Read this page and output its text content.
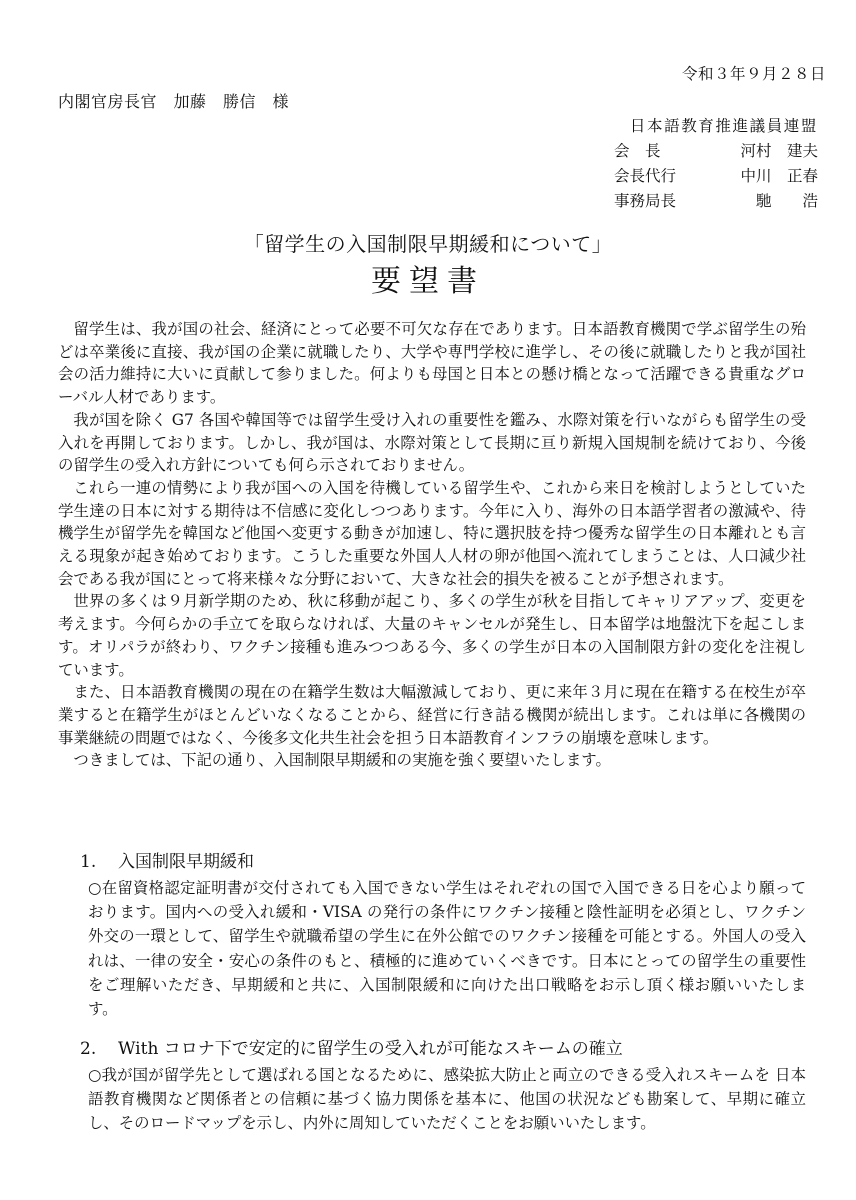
令和３年９月２８日
内閣官房長官　加藤　勝信　様
日本語教育推進議員連盟
会　長	河村　建夫
会長代行	中川　正春
事務局長	馳　　浩
「留学生の入国制限早期緩和について」
要望書

留学生は、我が国の社会、経済にとって必要不可欠な存在であります。日本語教育機関で学ぶ留学生の殆どは卒業後に直接、我が国の企業に就職したり、大学や専門学校に進学し、その後に就職したりと我が国社会の活力維持に大いに貢献して参りました。何よりも母国と日本との懸け橋となって活躍できる貴重なグローバル人材であります。

我が国を除く G7 各国や韓国等では留学生受け入れの重要性を鑑み、水際対策を行いながらも留学生の受入れを再開しております。しかし、我が国は、水際対策として長期に亘り新規入国規制を続けており、今後の留学生の受入れ方針についても何ら示されておりません。

これら一連の情勢により我が国への入国を待機している留学生や、これから来日を検討しようとしていた学生達の日本に対する期待は不信感に変化しつつあります。今年に入り、海外の日本語学習者の激減や、待機学生が留学先を韓国など他国へ変更する動きが加速し、特に選択肢を持つ優秀な留学生の日本離れとも言える現象が起き始めております。こうした重要な外国人人材の卵が他国へ流れてしまうことは、人口減少社会である我が国にとって将来様々な分野において、大きな社会的損失を被ることが予想されます。

世界の多くは９月新学期のため、秋に移動が起こり、多くの学生が秋を目指してキャリアアップ、変更を考えます。今何らかの手立てを取らなければ、大量のキャンセルが発生し、日本留学は地盤沈下を起こします。オリパラが終わり、ワクチン接種も進みつつある今、多くの学生が日本の入国制限方針の変化を注視しています。

また、日本語教育機関の現在の在籍学生数は大幅激減しており、更に来年３月に現在在籍する在校生が卒業すると在籍学生がほとんどいなくなることから、経営に行き詰る機関が続出します。これは単に各機関の事業継続の問題ではなく、今後多文化共生社会を担う日本語教育インフラの崩壊を意味します。

つきましては、下記の通り、入国制限早期緩和の実施を強く要望いたします。

1.	入国制限早期緩和

○在留資格認定証明書が交付されても入国できない学生はそれぞれの国で入国できる日を心より願っております。国内への受入れ緩和・VISA の発行の条件にワクチン接種と陰性証明を必須とし、ワクチン外交の一環として、留学生や就職希望の学生に在外公館でのワクチン接種を可能とする。外国人の受入れは、一律の安全・安心の条件のもと、積極的に進めていくべきです。日本にとっての留学生の重要性をご理解いただき、早期緩和と共に、入国制限緩和に向けた出口戦略をお示し頂く様お願いいたします。

2.	With コロナ下で安定的に留学生の受入れが可能なスキームの確立

○我が国が留学先として選ばれる国となるために、感染拡大防止と両立のできる受入れスキームを 日本語教育機関など関係者との信頼に基づく協力関係を基本に、他国の状況なども勘案して、早期に確立し、そのロードマップを示し、内外に周知していただくことをお願いいたします。
